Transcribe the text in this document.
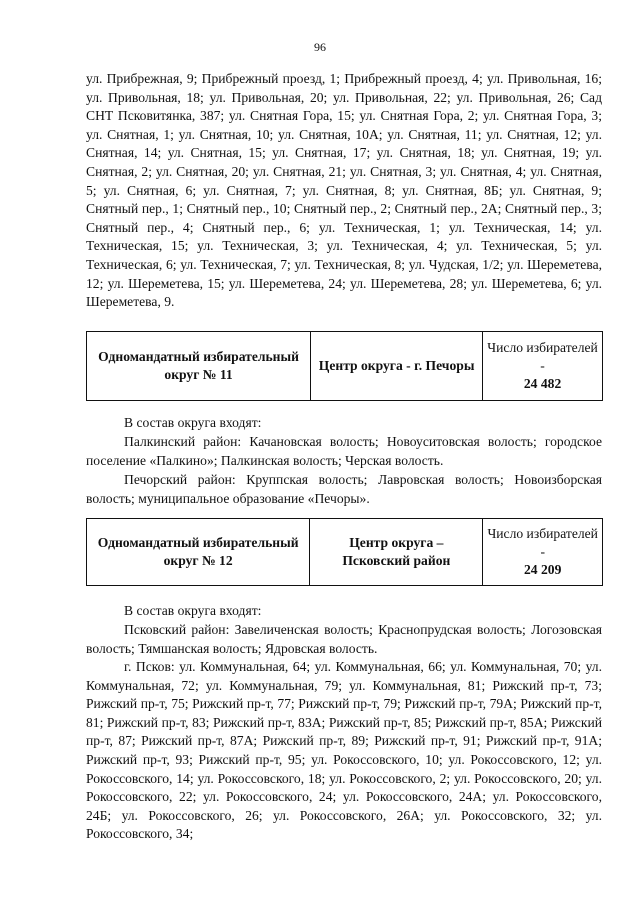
96

ул. Прибрежная, 9; Прибрежный проезд, 1; Прибрежный проезд, 4; ул. Привольная, 16; ул. Привольная, 18; ул. Привольная, 20; ул. Привольная, 22; ул. Привольная, 26; Сад СНТ Псковитянка, 387; ул. Снятная Гора, 15; ул. Снятная Гора, 2; ул. Снятная Гора, 3; ул. Снятная, 1; ул. Снятная, 10; ул. Снятная, 10А; ул. Снятная, 11; ул. Снятная, 12; ул. Снятная, 14; ул. Снятная, 15; ул. Снятная, 17; ул. Снятная, 18; ул. Снятная, 19; ул. Снятная, 2; ул. Снятная, 20; ул. Снятная, 21; ул. Снятная, 3; ул. Снятная, 4; ул. Снятная, 5; ул. Снятная, 6; ул. Снятная, 7; ул. Снятная, 8; ул. Снятная, 8Б; ул. Снятная, 9; Снятный пер., 1; Снятный пер., 10; Снятный пер., 2; Снятный пер., 2А; Снятный пер., 3; Снятный пер., 4; Снятный пер., 6; ул. Техническая, 1; ул. Техническая, 14; ул. Техническая, 15; ул. Техническая, 3; ул. Техническая, 4; ул. Техническая, 5; ул. Техническая, 6; ул. Техническая, 7; ул. Техническая, 8; ул. Чудская, 1/2; ул. Шереметева, 12; ул. Шереметева, 15; ул. Шереметева, 24; ул. Шереметева, 28; ул. Шереметева, 6; ул. Шереметева, 9.

Одномандатный избирательный округ № 11	Центр округа - г. Печоры	Число избирателей -
24 482

В состав округа входят:

Палкинский район: Качановская волость; Новоуситовская волость; городское поселение «Палкино»; Палкинская волость; Черская волость.

Печорский район: Круппская волость; Лавровская волость; Новоизборская волость; муниципальное образование «Печоры».

Одномандатный избирательный округ № 12	Центр округа – Псковский район	Число избирателей -
24 209

В состав округа входят:

Псковский район: Завеличенская волость; Краснопрудская волость; Логозовская волость; Тямшанская волость; Ядровская волость.

г. Псков: ул. Коммунальная, 64; ул. Коммунальная, 66; ул. Коммунальная, 70; ул. Коммунальная, 72; ул. Коммунальная, 79; ул. Коммунальная, 81; Рижский пр-т, 73; Рижский пр-т, 75; Рижский пр-т, 77; Рижский пр-т, 79; Рижский пр-т, 79А; Рижский пр-т, 81; Рижский пр-т, 83; Рижский пр-т, 83А; Рижский пр-т, 85; Рижский пр-т, 85А; Рижский пр-т, 87; Рижский пр-т, 87А; Рижский пр-т, 89; Рижский пр-т, 91; Рижский пр-т, 91А; Рижский пр-т, 93; Рижский пр-т, 95; ул. Рокоссовского, 10; ул. Рокоссовского, 12; ул. Рокоссовского, 14; ул. Рокоссовского, 18; ул. Рокоссовского, 2; ул. Рокоссовского, 20; ул. Рокоссовского, 22; ул. Рокоссовского, 24; ул. Рокоссовского, 24А; ул. Рокоссовского, 24Б; ул. Рокоссовского, 26; ул. Рокоссовского, 26А; ул. Рокоссовского, 32; ул. Рокоссовского, 34;
